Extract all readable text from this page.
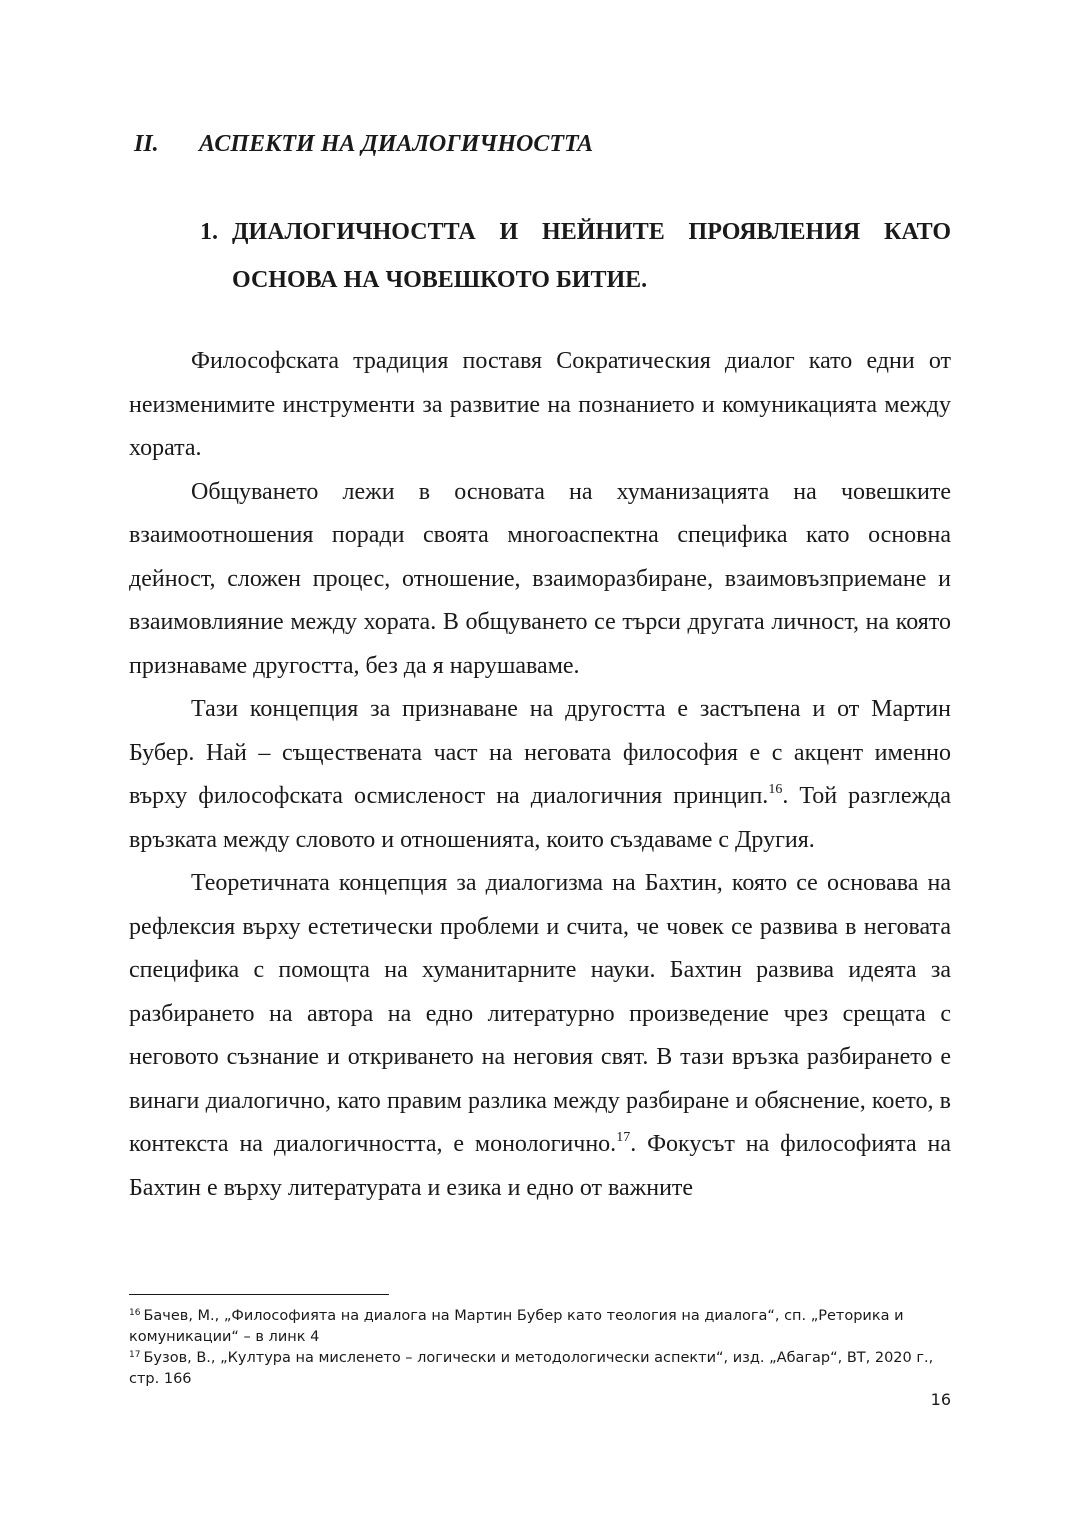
II. АСПЕКТИ НА ДИАЛОГИЧНОСТТА
1. ДИАЛОГИЧНОСТТА И НЕЙНИТЕ ПРОЯВЛЕНИЯ КАТО ОСНОВА НА ЧОВЕШКОТО БИТИЕ.

Философската традиция поставя Сократическия диалог като едни от неизменимите инструменти за развитие на познанието и комуникацията между хората.

Общуването лежи в основата на хуманизацията на човешките взаимоотношения поради своята многоаспектна специфика като основна дейност, сложен процес, отношение, взаиморазбиране, взаимовъзприемане и взаимовлияние между хората. В общуването се търси другата личност, на която признаваме другостта, без да я нарушаваме.

Тази концепция за признаване на другостта е застъпена и от Мартин Бубер. Най – съществената част на неговата философия е с акцент именно върху философската осмисленост на диалогичния принцип.$^{16}$. Той разглежда връзката между словото и отношенията, които създаваме с Другия.

Теоретичната концепция за диалогизма на Бахтин, която се основава на рефлексия върху естетически проблеми и счита, че човек се развива в неговата специфика с помощта на хуманитарните науки. Бахтин развива идеята за разбирането на автора на едно литературно произведение чрез срещата с неговото съзнание и откриването на неговия свят. В тази връзка разбирането е винаги диалогично, като правим разлика между разбиране и обяснение, което, в контекста на диалогичността, е монологично.$^{17}$. Фокусът на философията на Бахтин е върху литературата и езика и едно от важните

$^{16}$ Бачев, М., „Философията на диалога на Мартин Бубер като теология на диалога“, сп. „Реторика и комуникации“ – в линк 4

$^{17}$ Бузов, В., „Култура на мисленето – логически и методологически аспекти“, изд. „Абагар“, ВТ, 2020 г., стр. 166

16
